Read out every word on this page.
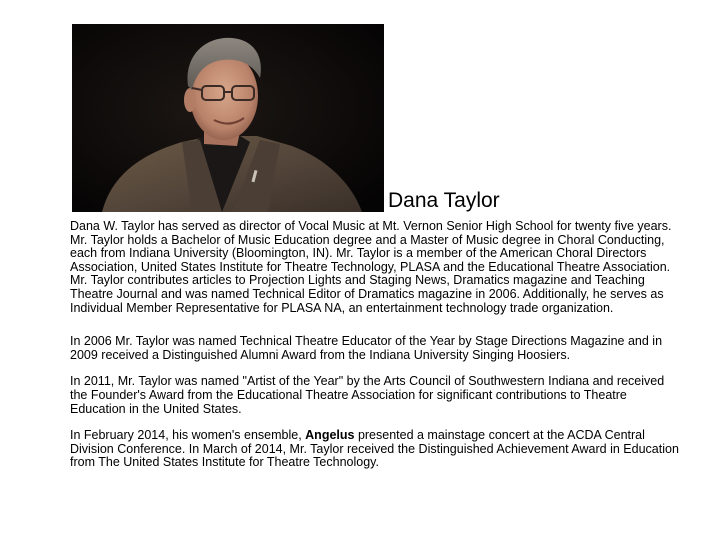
Dana Taylor

Dana W. Taylor has served as director of Vocal Music at Mt. Vernon Senior High School for twenty five years. Mr. Taylor holds a Bachelor of Music Education degree and a Master of Music degree in Choral Conducting, each from Indiana University (Bloomington, IN). Mr. Taylor is a member of the American Choral Directors Association, United States Institute for Theatre Technology, PLASA and the Educational Theatre Association. Mr. Taylor contributes articles to Projection Lights and Staging News, Dramatics magazine and Teaching Theatre Journal and was named Technical Editor of Dramatics magazine in 2006. Additionally, he serves as Individual Member Representative for PLASA NA, an entertainment technology trade organization.

In 2006 Mr. Taylor was named Technical Theatre Educator of the Year by Stage Directions Magazine and in 2009 received a Distinguished Alumni Award from the Indiana University Singing Hoosiers.

In 2011, Mr. Taylor was named "Artist of the Year" by the Arts Council of Southwestern Indiana and received the Founder's Award from the Educational Theatre Association for significant contributions to Theatre Education in the United States.

In February 2014, his women's ensemble, Angelus presented a mainstage concert at the ACDA Central Division Conference. In March of 2014, Mr. Taylor received the Distinguished Achievement Award in Education from The United States Institute for Theatre Technology.
